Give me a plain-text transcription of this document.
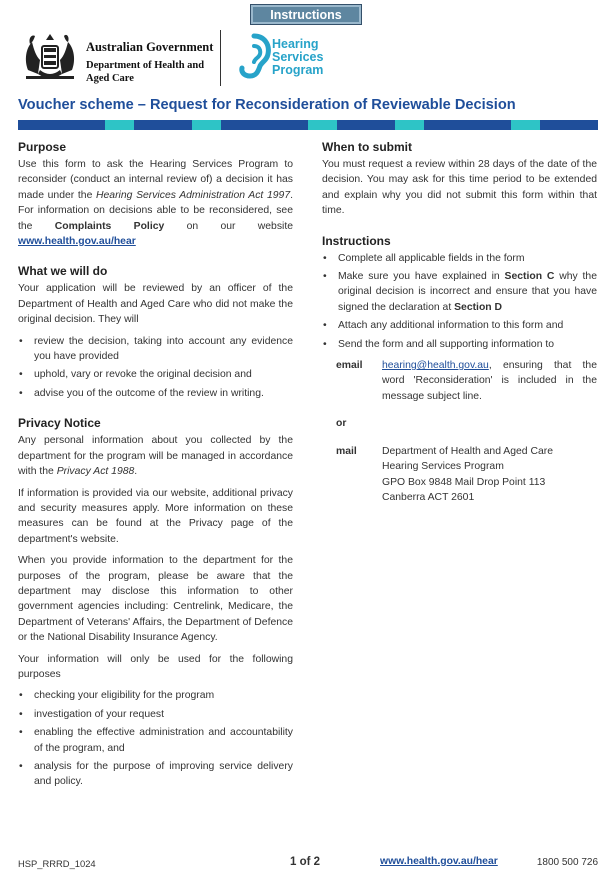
Instructions
Australian Government
Department of Health and Aged Care
Hearing
Services
Program
Voucher scheme – Request for Reconsideration of Reviewable Decision
Purpose

Use this form to ask the Hearing Services Program to reconsider (conduct an internal review of) a decision it has made under the Hearing Services Administration Act 1997. For information on decisions able to be reconsidered, see the Complaints Policy on our website www.health.gov.au/hear

What we will do

Your application will be reviewed by an officer of the Department of Health and Aged Care who did not make the original decision. They will

• review the decision, taking into account any evidence you have provided
• uphold, vary or revoke the original decision and
• advise you of the outcome of the review in writing.
Privacy Notice

Any personal information about you collected by the department for the program will be managed in accordance with the Privacy Act 1988.

If information is provided via our website, additional privacy and security measures apply. More information on these measures can be found at the Privacy page of the department's website.

When you provide information to the department for the purposes of the program, please be aware that the department may disclose this information to other government agencies including: Centrelink, Medicare, the Department of Veterans' Affairs, the Department of Defence or the National Disability Insurance Agency.

Your information will only be used for the following purposes

• checking your eligibility for the program
• investigation of your request
• enabling the effective administration and accountability of the program, and
• analysis for the purpose of improving service delivery and policy.
When to submit

You must request a review within 28 days of the date of the decision. You may ask for this time period to be extended and explain why you did not submit this form within that time.

Instructions
• Complete all applicable fields in the form
• Make sure you have explained in Section C why the original decision is incorrect and ensure that you have signed the declaration at Section D
• Attach any additional information to this form and
• Send the form and all supporting information to
email	hearing@health.gov.au, ensuring that the word 'Reconsideration' is included in the message subject line.
or
mail	Department of Health and Aged Care
Hearing Services Program
GPO Box 9848 Mail Drop Point 113
Canberra ACT 2601
HSP_RRRD_1024	1 of 2	www.health.gov.au/hear	1800 500 726
